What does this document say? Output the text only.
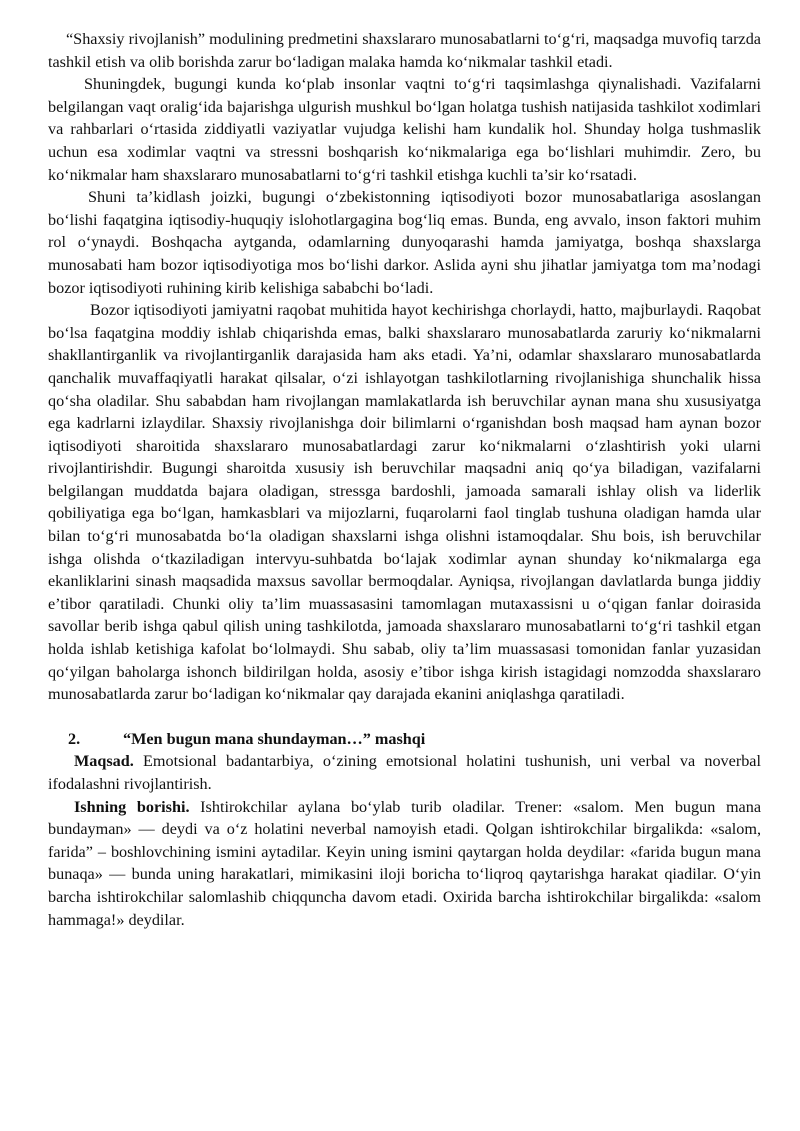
“Shaxsiy rivojlanish” modulining predmetini shaxslararo munosabatlarni to‘g‘ri, maqsadga muvofiq tarzda tashkil etish va olib borishda zarur bo‘ladigan malaka hamda ko‘nikmalar tashkil etadi.

Shuningdek, bugungi kunda ko‘plab insonlar vaqtni to‘g‘ri taqsimlashga qiynalishadi. Vazifalarni belgilangan vaqt oralig‘ida bajarishga ulgurish mushkul bo‘lgan holatga tushish natijasida tashkilot xodimlari va rahbarlari o‘rtasida ziddiyatli vaziyatlar vujudga kelishi ham kundalik hol. Shunday holga tushmaslik uchun esa xodimlar vaqtni va stressni boshqarish ko‘nikmalariga ega bo‘lishlari muhimdir. Zero, bu ko‘nikmalar ham shaxslararo munosabatlarni to‘g‘ri tashkil etishga kuchli ta’sir ko‘rsatadi.

Shuni ta’kidlash joizki, bugungi o‘zbekistonning iqtisodiyoti bozor munosabatlariga asoslangan bo‘lishi faqatgina iqtisodiy-huquqiy islohotlargagina bog‘liq emas. Bunda, eng avvalo, inson faktori muhim rol o‘ynaydi. Boshqacha aytganda, odamlarning dunyoqarashi hamda jamiyatga, boshqa shaxslarga munosabati ham bozor iqtisodiyotiga mos bo‘lishi darkor. Aslida ayni shu jihatlar jamiyatga tom ma’nodagi bozor iqtisodiyoti ruhining kirib kelishiga sababchi bo‘ladi.

Bozor iqtisodiyoti jamiyatni raqobat muhitida hayot kechirishga chorlaydi, hatto, majburlaydi. Raqobat bo‘lsa faqatgina moddiy ishlab chiqarishda emas, balki shaxslararo munosabatlarda zaruriy ko‘nikmalarni shakllantirganlik va rivojlantirganlik darajasida ham aks etadi. Ya’ni, odamlar shaxslararo munosabatlarda qanchalik muvaffaqiyatli harakat qilsalar, o‘zi ishlayotgan tashkilotlarning rivojlanishiga shunchalik hissa qo‘sha oladilar. Shu sababdan ham rivojlangan mamlakatlarda ish beruvchilar aynan mana shu xususiyatga ega kadrlarni izlaydilar. Shaxsiy rivojlanishga doir bilimlarni o‘rganishdan bosh maqsad ham aynan bozor iqtisodiyoti sharoitida shaxslararo munosabatlardagi zarur ko‘nikmalarni o‘zlashtirish yoki ularni rivojlantirishdir. Bugungi sharoitda xususiy ish beruvchilar maqsadni aniq qo‘ya biladigan, vazifalarni belgilangan muddatda bajara oladigan, stressga bardoshli, jamoada samarali ishlay olish va liderlik qobiliyatiga ega bo‘lgan, hamkasblari va mijozlarni, fuqarolarni faol tinglab tushuna oladigan hamda ular bilan to‘g‘ri munosabatda bo‘la oladigan shaxslarni ishga olishni istamoqdalar. Shu bois, ish beruvchilar ishga olishda o‘tkaziladigan intervyu-suhbatda bo‘lajak xodimlar aynan shunday ko‘nikmalarga ega ekanliklarini sinash maqsadida maxsus savollar bermoqdalar. Ayniqsa, rivojlangan davlatlarda bunga jiddiy e’tibor qaratiladi. Chunki oliy ta’lim muassasasini tamomlagan mutaxassisni u o‘qigan fanlar doirasida savollar berib ishga qabul qilish uning tashkilotda, jamoada shaxslararo munosabatlarni to‘g‘ri tashkil etgan holda ishlab ketishiga kafolat bo‘lolmaydi. Shu sabab, oliy ta’lim muassasasi tomonidan fanlar yuzasidan qo‘yilgan baholarga ishonch bildirilgan holda, asosiy e’tibor ishga kirish istagidagi nomzodda shaxslararo munosabatlarda zarur bo‘ladigan ko‘nikmalar qay darajada ekanini aniqlashga qaratiladi.

2.	“Men bugun mana shundayman…” mashqi

Maqsad. Emotsional badantarbiya, o‘zining emotsional holatini tushunish, uni verbal va noverbal ifodalashni rivojlantirish.

Ishning borishi. Ishtirokchilar aylana bo‘ylab turib oladilar. Trener: «salom. Men bugun mana bundayman» — deydi va o‘z holatini neverbal namoyish etadi. Qolgan ishtirokchilar birgalikda: «salom, farida” – boshlovchining ismini aytadilar. Keyin uning ismini qaytargan holda deydilar: «farida bugun mana bunaqa» — bunda uning harakatlari, mimikasini iloji boricha to‘liqroq qaytarishga harakat qiadilar. O‘yin barcha ishtirokchilar salomlashib chiqquncha davom etadi. Oxirida barcha ishtirokchilar birgalikda: «salom hammaga!» deydilar.
